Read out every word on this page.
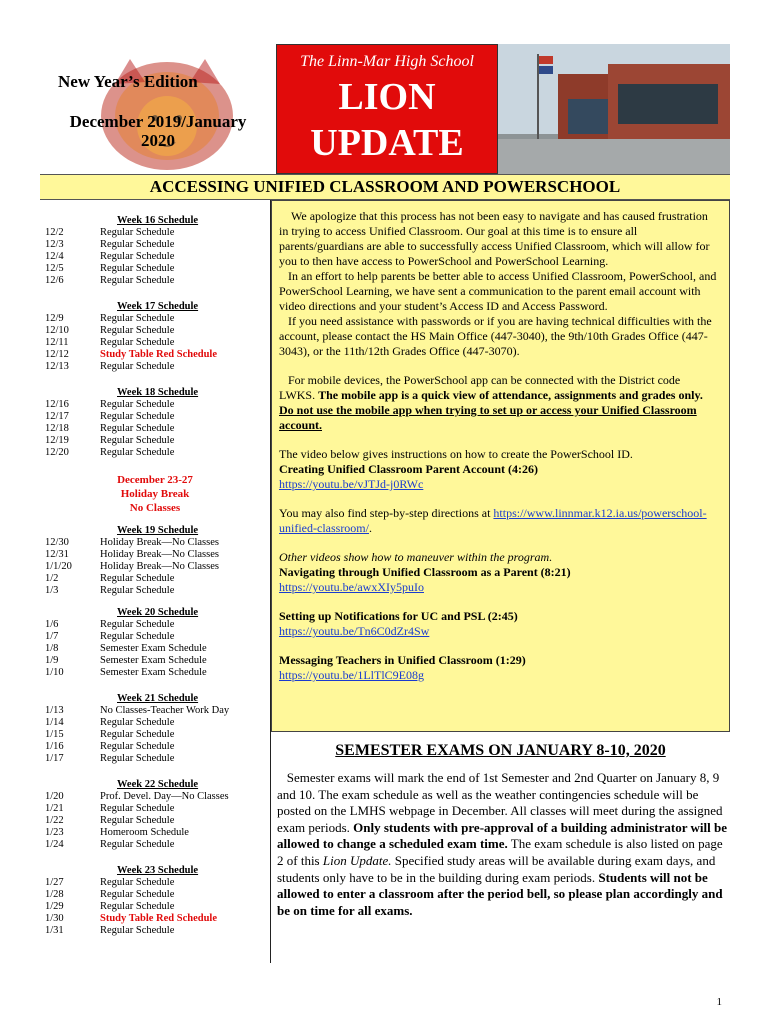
New Year’s Edition
December 2019/January
2020
The Linn-Mar High School
LION
UPDATE
ACCESSING UNIFIED CLASSROOM AND POWERSCHOOL
Week 16 Schedule
12/2	Regular Schedule
12/3	Regular Schedule
12/4	Regular Schedule
12/5	Regular Schedule
12/6	Regular Schedule
Week 17 Schedule
12/9	Regular Schedule
12/10	Regular Schedule
12/11	Regular Schedule
12/12	Study Table Red Schedule
12/13	Regular Schedule
Week 18 Schedule
12/16	Regular Schedule
12/17	Regular Schedule
12/18	Regular Schedule
12/19	Regular Schedule
12/20	Regular Schedule
Week 19 Schedule
12/30	Holiday Break—No Classes
12/31	Holiday Break—No Classes
1/1/20	Holiday Break—No Classes
1/2	Regular Schedule
1/3	Regular Schedule
Week 20 Schedule
1/6	Regular Schedule
1/7	Regular Schedule
1/8	Semester Exam Schedule
1/9	Semester Exam Schedule
1/10	Semester Exam Schedule
Week 21 Schedule
1/13	No Classes-Teacher Work Day
1/14	Regular Schedule
1/15	Regular Schedule
1/16	Regular Schedule
1/17	Regular Schedule
Week 22 Schedule
1/20	Prof. Devel. Day—No Classes
1/21	Regular Schedule
1/22	Regular Schedule
1/23	Homeroom Schedule
1/24	Regular Schedule
Week 23 Schedule
1/27	Regular Schedule
1/28	Regular Schedule
1/29	Regular Schedule
1/30	Study Table Red Schedule
1/31	Regular Schedule
December 23-27
Holiday Break
No Classes

We apologize that this process has not been easy to navigate and has caused frustration in trying to access Unified Classroom. Our goal at this time is to ensure all parents/guardians are able to successfully access Unified Classroom, which will allow for you to then have access to PowerSchool and PowerSchool Learning.

In an effort to help parents be better able to access Unified Classroom, PowerSchool, and PowerSchool Learning, we have sent a communication to the parent email account with video directions and your student’s Access ID and Access Password.

If you need assistance with passwords or if you are having technical difficulties with the account, please contact the HS Main Office (447-3040), the 9th/10th Grades Office (447-3043), or the 11th/12th Grades Office (447-3070).

For mobile devices, the PowerSchool app can be connected with the District code LWKS. The mobile app is a quick view of attendance, assignments and grades only. Do not use the mobile app when trying to set up or access your Unified Classroom account.

The video below gives instructions on how to create the PowerSchool ID.

Creating Unified Classroom Parent Account (4:26)

https://youtu.be/vJTJd-j0RWc

You may also find step-by-step directions at https://www.linnmar.k12.ia.us/powerschool-unified-classroom/.

Other videos show how to maneuver within the program.

Navigating through Unified Classroom as a Parent (8:21)

https://youtu.be/awxXIy5puIo

Setting up Notifications for UC and PSL (2:45)

https://youtu.be/Tn6C0dZr4Sw

Messaging Teachers in Unified Classroom (1:29)

https://youtu.be/1LlTlC9E08g

SEMESTER EXAMS ON JANUARY 8-10, 2020

Semester exams will mark the end of 1st Semester and 2nd Quarter on January 8, 9 and 10. The exam schedule as well as the weather contingencies schedule will be posted on the LMHS webpage in December. All classes will meet during the assigned exam periods. Only students with pre-approval of a building administrator will be allowed to change a scheduled exam time. The exam schedule is also listed on page 2 of this Lion Update. Specified study areas will be available during exam days, and students only have to be in the building during exam periods. Students will not be allowed to enter a classroom after the period bell, so please plan accordingly and be on time for all exams.

1
